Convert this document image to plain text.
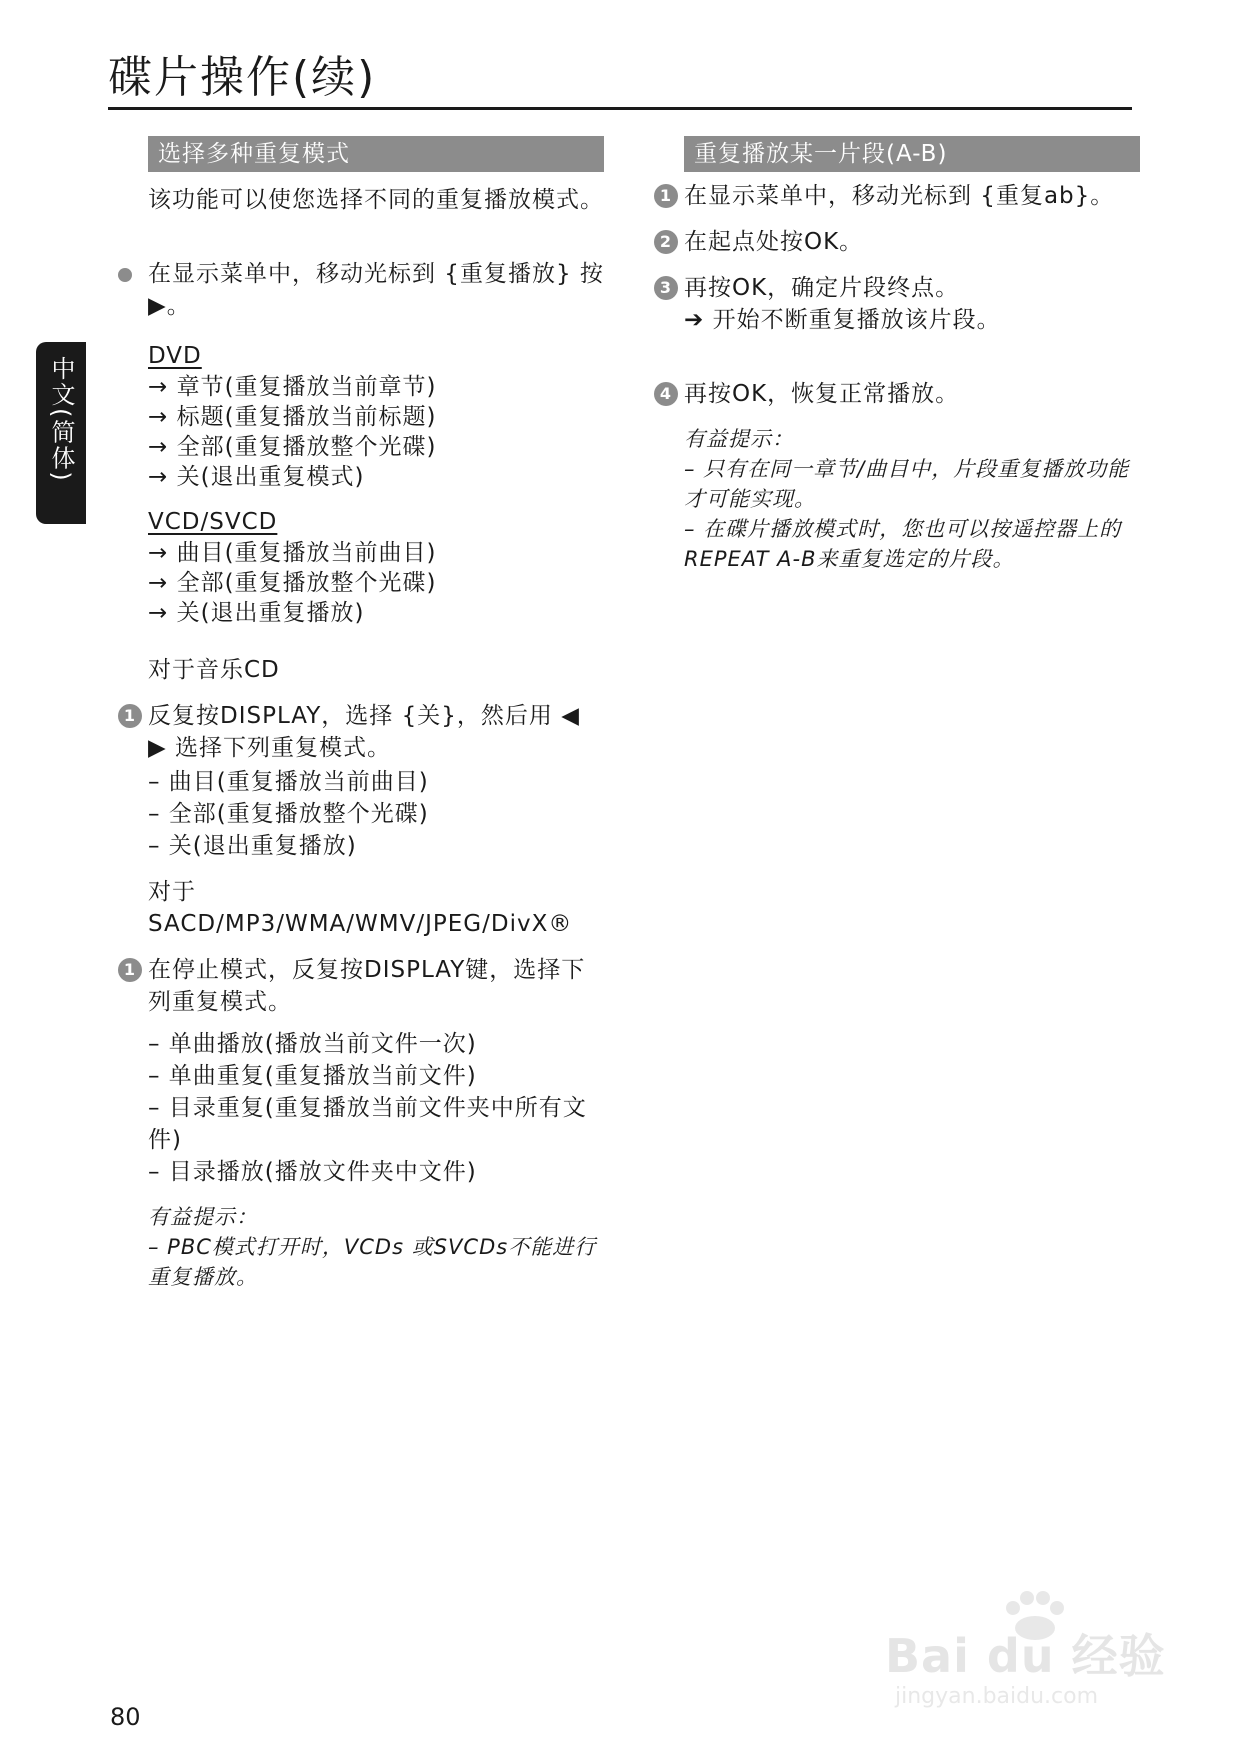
碟片操作(续)
中文(简体)
选择多种重复模式
该功能可以使您选择不同的重复播放模式。
在显示菜单中，移动光标到 {重复播放} 按▶。
DVD
→ 章节(重复播放当前章节)
→ 标题(重复播放当前标题)
→ 全部(重复播放整个光碟)
→ 关(退出重复模式)
VCD/SVCD
→ 曲目(重复播放当前曲目)
→ 全部(重复播放整个光碟)
→ 关(退出重复播放)
对于音乐CD
1 反复按DISPLAY，选择 {关}，然后用 ◀ ▶ 选择下列重复模式。
– 曲目(重复播放当前曲目)
– 全部(重复播放整个光碟)
– 关(退出重复播放)
对于SACD/MP3/WMA/WMV/JPEG/DivX®
1 在停止模式，反复按DISPLAY键，选择下列重复模式。
– 单曲播放(播放当前文件一次)
– 单曲重复(重复播放当前文件)
– 目录重复(重复播放当前文件夹中所有文件)
– 目录播放(播放文件夹中文件)
有益提示：
– PBC模式打开时，VCDs 或SVCDs不能进行重复播放。
重复播放某一片段(A-B)
1 在显示菜单中，移动光标到 {重复ab}。
2 在起点处按OK。
3 再按OK，确定片段终点。
➔ 开始不断重复播放该片段。
4 再按OK，恢复正常播放。
有益提示：
– 只有在同一章节/曲目中，片段重复播放功能才可能实现。
– 在碟片播放模式时，您也可以按遥控器上的REPEAT A-B来重复选定的片段。
80
Bai du 经验
jingyan.baidu.com
